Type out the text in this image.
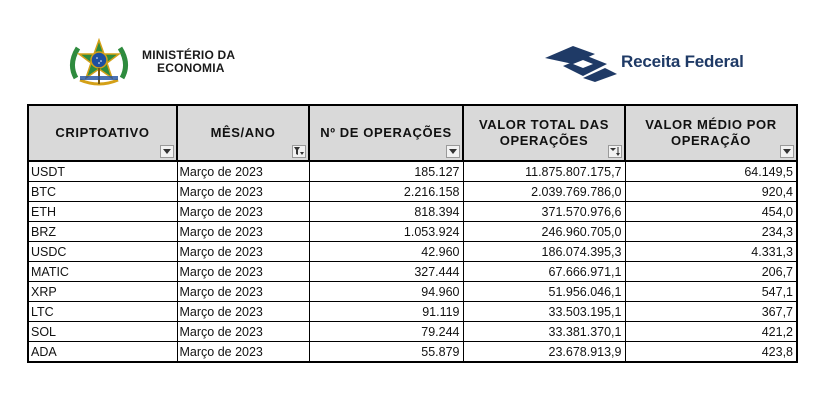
MINISTÉRIO DA
ECONOMIA	Receita Federal
CRIPTOATIVO	MÊS/ANO	Nº DE OPERAÇÕES	VALOR TOTAL DAS OPERAÇÕES	VALOR MÉDIO POR OPERAÇÃO

USDT	Março de 2023	185.127	11.875.807.175,7	64.149,5
BTC	Março de 2023	2.216.158	2.039.769.786,0	920,4
ETH	Março de 2023	818.394	371.570.976,6	454,0
BRZ	Março de 2023	1.053.924	246.960.705,0	234,3
USDC	Março de 2023	42.960	186.074.395,3	4.331,3
MATIC	Março de 2023	327.444	67.666.971,1	206,7
XRP	Março de 2023	94.960	51.956.046,1	547,1
LTC	Março de 2023	91.119	33.503.195,1	367,7
SOL	Março de 2023	79.244	33.381.370,1	421,2
ADA	Março de 2023	55.879	23.678.913,9	423,8
